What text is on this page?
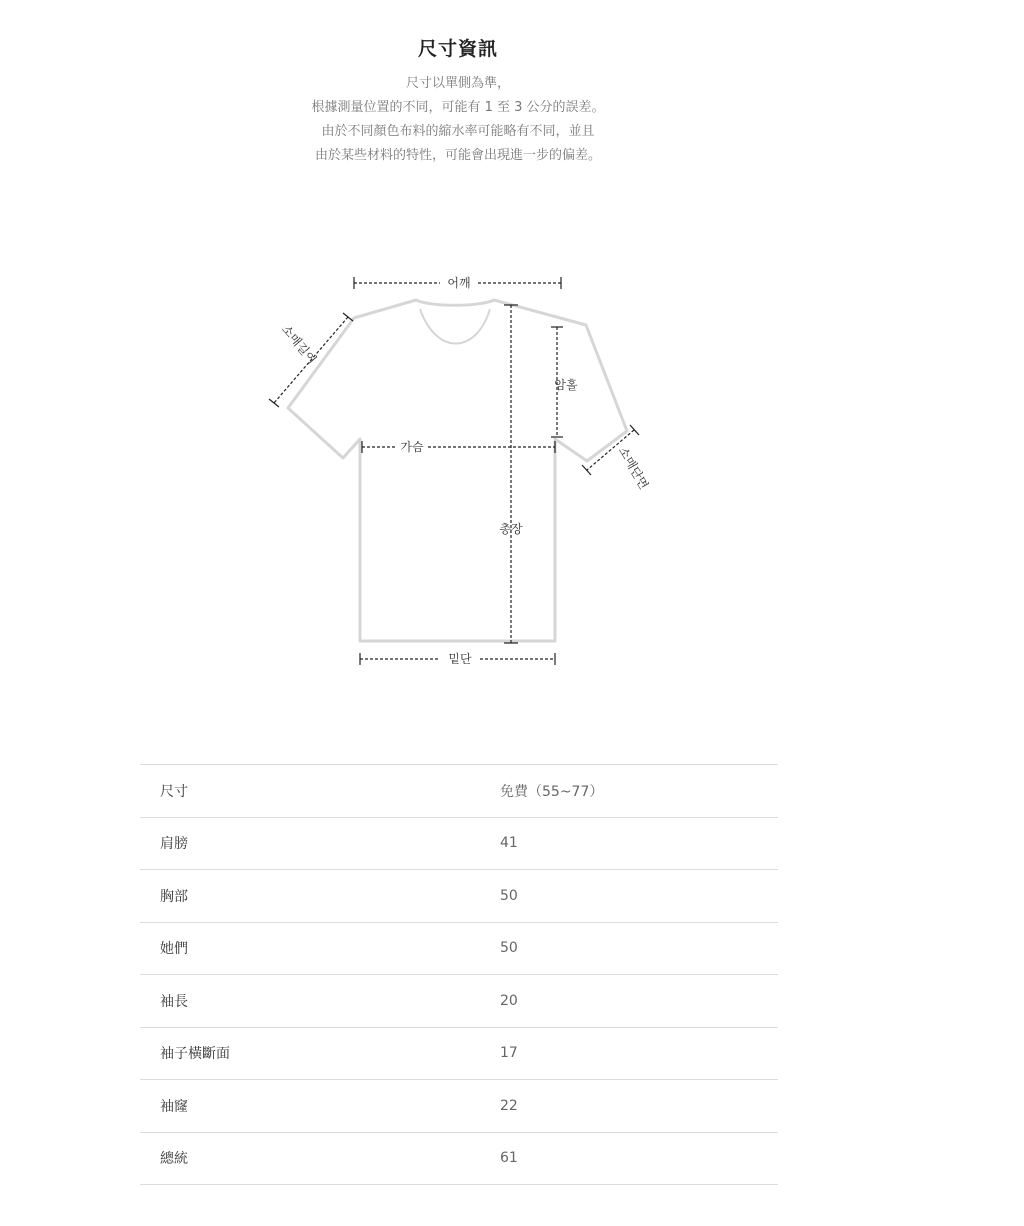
尺寸資訊
尺寸以單側為準，
根據測量位置的不同，可能有 1 至 3 公分的誤差。
由於不同顏色布料的縮水率可能略有不同，並且
由於某些材料的特性，可能會出現進一步的偏差。
어깨
소매길이
암홀
가슴	소매단면
총장
밑단
尺寸	免費（55~77）
肩膀	41
胸部	50
她們	50
袖長	20
袖子橫斷面	17
袖窿	22
總統	61
